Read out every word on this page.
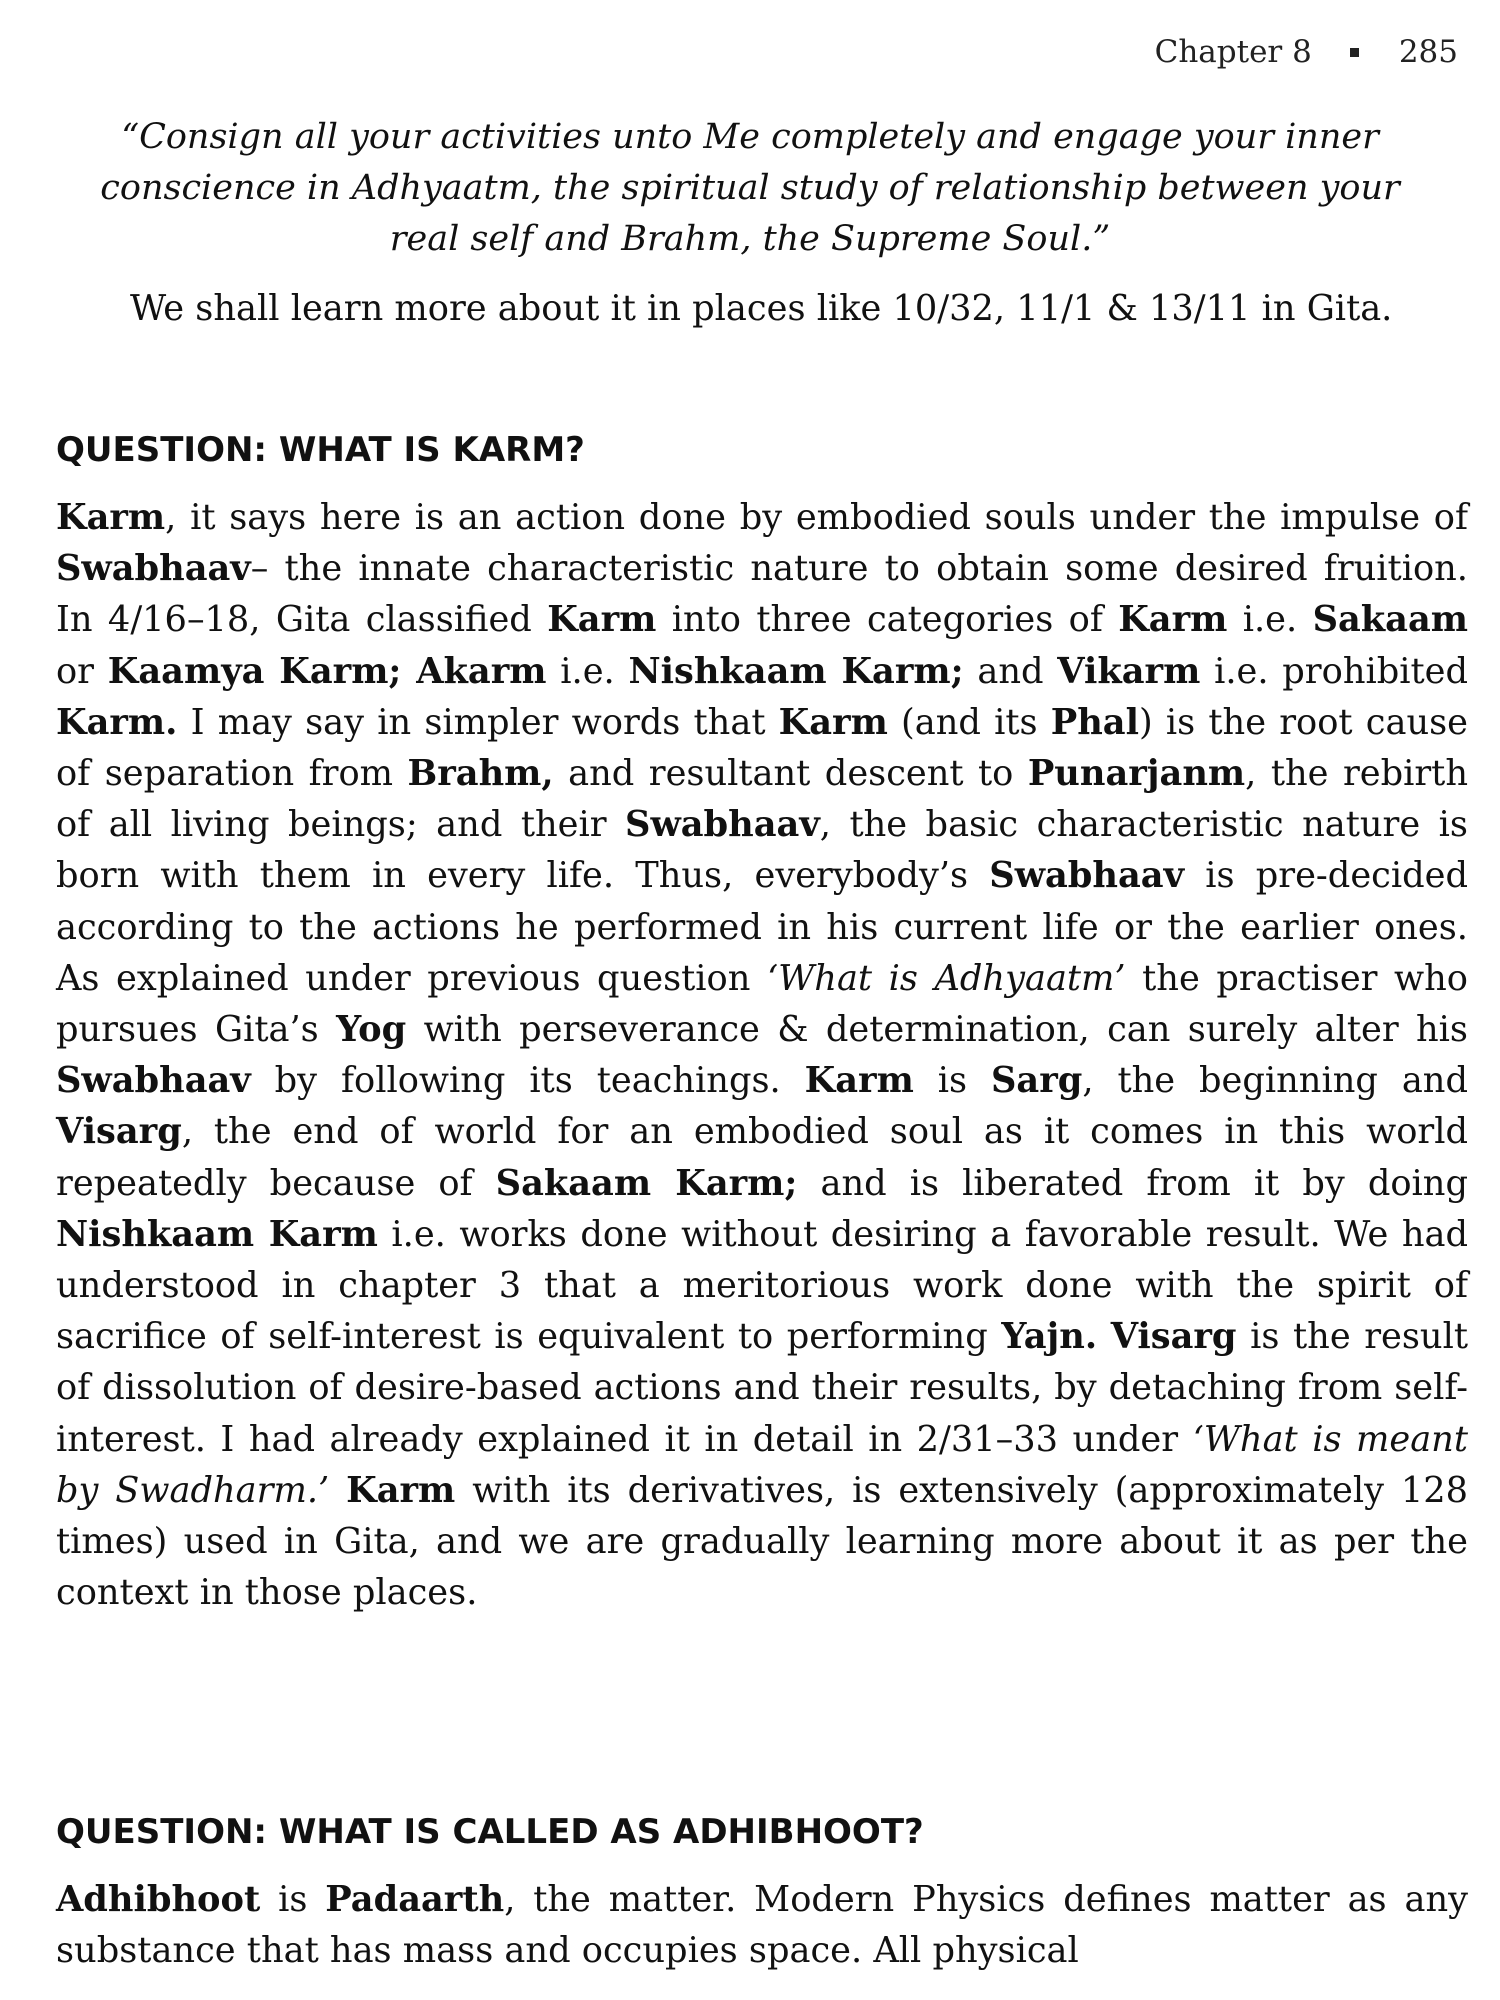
Chapter 8	285
“Consign all your activities unto Me completely and engage your inner conscience in Adhyaatm, the spiritual study of relationship between your real self and Brahm, the Supreme Soul.”

We shall learn more about it in places like 10/32, 11/1 & 13/11 in Gita.

QUESTION: WHAT IS KARM?

Karm, it says here is an action done by embodied souls under the impulse of Swabhaav– the innate characteristic nature to obtain some desired fruition. In 4/16–18, Gita classified Karm into three categories of Karm i.e. Sakaam or Kaamya Karm; Akarm i.e. Nishkaam Karm; and Vikarm i.e. prohibited Karm. I may say in simpler words that Karm (and its Phal) is the root cause of separation from Brahm, and resultant descent to Punarjanm, the rebirth of all living beings; and their Swabhaav, the basic characteristic nature is born with them in every life. Thus, everybody’s Swabhaav is pre-decided according to the actions he performed in his current life or the earlier ones. As explained under previous question ‘What is Adhyaatm’ the practiser who pursues Gita’s Yog with perseverance & determination, can surely alter his Swabhaav by following its teachings. Karm is Sarg, the beginning and Visarg, the end of world for an embodied soul as it comes in this world repeatedly because of Sakaam Karm; and is liberated from it by doing Nishkaam Karm i.e. works done without desiring a favorable result. We had understood in chapter 3 that a meritorious work done with the spirit of sacrifice of self-interest is equivalent to performing Yajn. Visarg is the result of dissolution of desire-based actions and their results, by detaching from self-interest. I had already explained it in detail in 2/31–33 under ‘What is meant by Swadharm.’ Karm with its derivatives, is extensively (approximately 128 times) used in Gita, and we are gradually learning more about it as per the context in those places.

QUESTION: WHAT IS CALLED AS ADHIBHOOT?

Adhibhoot is Padaarth, the matter. Modern Physics defines matter as any substance that has mass and occupies space. All physical
